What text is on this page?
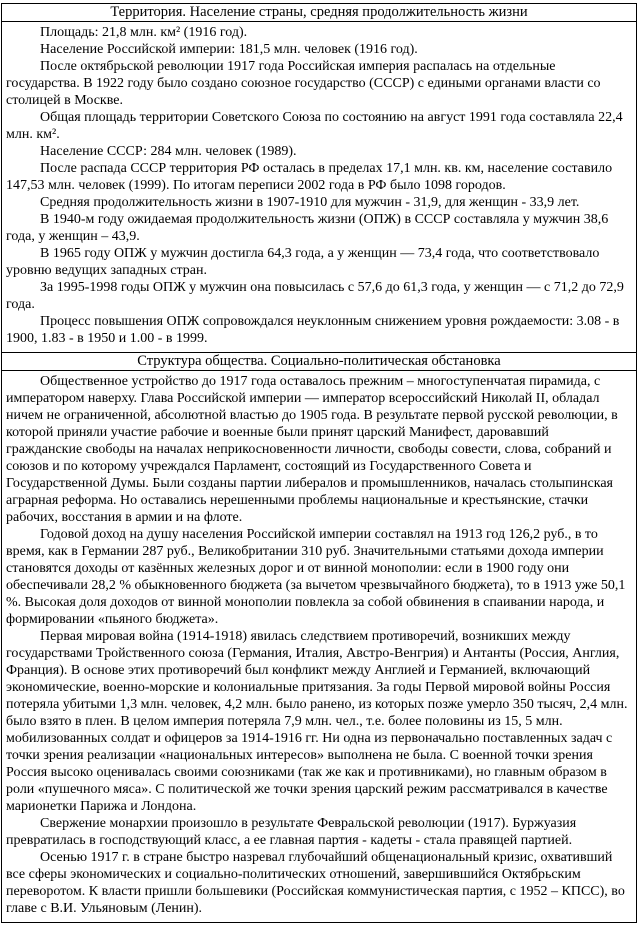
Территория. Население страны, средняя продолжительность жизни

Площадь: 21,8 млн. км² (1916 год).

Население Российской империи: 181,5 млн. человек (1916 год).

После октябрьской революции 1917 года Российская империя распалась на отдельные государства. В 1922 году было создано союзное государство (СССР) с едиными органами власти со столицей в Москве.

Общая площадь территории Советского Союза по состоянию на август 1991 года составляла 22,4 млн. км².

Население СССР: 284 млн. человек (1989).

После распада СССР территория РФ осталась в пределах 17,1 млн. кв. км, население составило 147,53 млн. человек (1999). По итогам переписи 2002 года в РФ было 1098 городов.

Средняя продолжительность жизни в 1907-1910 для мужчин - 31,9, для женщин - 33,9 лет.

В 1940-м году ожидаемая продолжительность жизни (ОПЖ) в СССР составляла у мужчин 38,6 года, у женщин – 43,9.

В 1965 году ОПЖ у мужчин достигла 64,3 года, а у женщин — 73,4 года, что соответствовало уровню ведущих западных стран.

За 1995-1998 годы ОПЖ у мужчин она повысилась с 57,6 до 61,3 года, у женщин — с 71,2 до 72,9 года.

Процесс повышения ОПЖ сопровождался неуклонным снижением уровня рождаемости: 3.08 - в 1900, 1.83 - в 1950 и 1.00 - в 1999.

Структура общества. Социально-политическая обстановка

Общественное устройство до 1917 года оставалось прежним – многоступенчатая пирамида, с императором наверху. Глава Российской империи — император всероссийский Николай II, обладал ничем не ограниченной, абсолютной властью до 1905 года. В результате первой русской революции, в которой приняли участие рабочие и военные были принят царский Манифест, даровавший гражданские свободы на началах неприкосновенности личности, свободы совести, слова, собраний и союзов и по которому учреждался Парламент, состоящий из Государственного Совета и Государственной Думы. Были созданы партии либералов и промышленников, началась столыпинская аграрная реформа. Но оставались нерешенными проблемы национальные и крестьянские, стачки рабочих, восстания в армии и на флоте.

Годовой доход на душу населения Российской империи составлял на 1913 год 126,2 руб., в то время, как в Германии 287 руб., Великобритании 310 руб. Значительными статьями дохода империи становятся доходы от казённых железных дорог и от винной монополии: если в 1900 году они обеспечивали 28,2 % обыкновенного бюджета (за вычетом чрезвычайного бюджета), то в 1913 уже 50,1 %. Высокая доля доходов от винной монополии повлекла за собой обвинения в спаивании народа, и формировании «пьяного бюджета».

Первая мировая война (1914-1918) явилась следствием противоречий, возникших между государствами Тройственного союза (Германия, Италия, Австро-Венгрия) и Антанты (Россия, Англия, Франция). В основе этих противоречий был конфликт между Англией и Германией, включающий экономические, военно-морские и колониальные притязания. За годы Первой мировой войны Россия потеряла убитыми 1,3 млн. человек, 4,2 млн. было ранено, из которых позже умерло 350 тысяч, 2,4 млн. было взято в плен. В целом империя потеряла 7,9 млн. чел., т.е. более половины из 15, 5 млн. мобилизованных солдат и офицеров за 1914-1916 гг. Ни одна из первоначально поставленных задач с точки зрения реализации «национальных интересов» выполнена не была. С военной точки зрения Россия высоко оценивалась своими союзниками (так же как и противниками), но главным образом в роли «пушечного мяса». С политической же точки зрения царский режим рассматривался в качестве марионетки Парижа и Лондона.

Свержение монархии произошло в результате Февральской революции (1917). Буржуазия превратилась в господствующий класс, а ее главная партия - кадеты - стала правящей партией.

Осенью 1917 г. в стране быстро назревал глубочайший общенациональный кризис, охвативший все сферы экономических и социально-политических отношений, завершившийся Октябрьским переворотом. К власти пришли большевики (Российская коммунистическая партия, с 1952 – КПСС), во главе с В.И. Ульяновым (Ленин).
